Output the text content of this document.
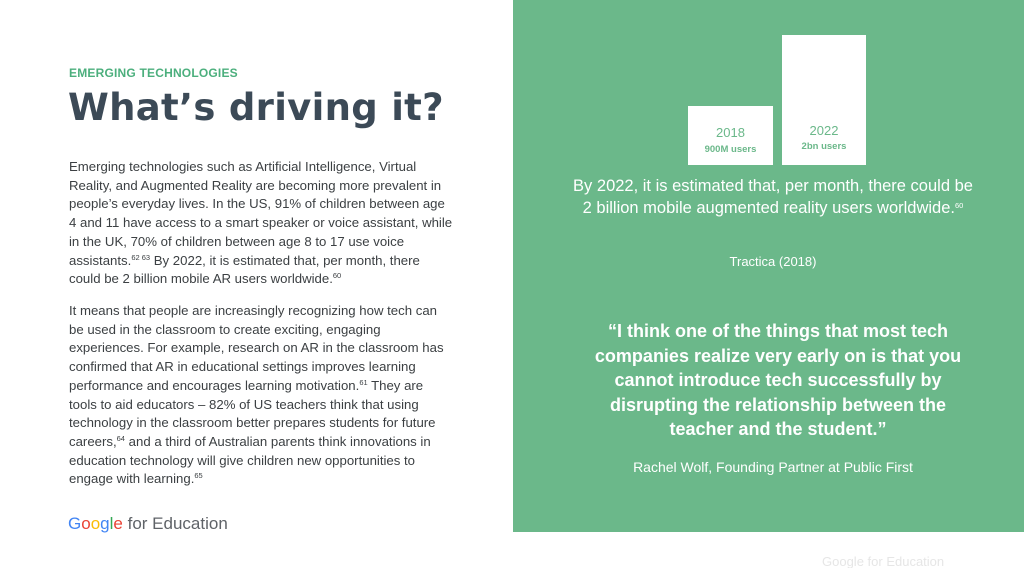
EMERGING TECHNOLOGIES
What’s driving it?

Emerging technologies such as Artificial Intelligence, Virtual Reality, and Augmented Reality are becoming more prevalent in people’s everyday lives. In the US, 91% of children between age 4 and 11 have access to a smart speaker or voice assistant, while in the UK, 70% of children between age 8 to 17 use voice assistants.$^{62 63}$ By 2022, it is estimated that, per month, there could be 2 billion mobile AR users worldwide.$^{60}$

It means that people are increasingly recognizing how tech can be used in the classroom to create exciting, engaging experiences. For example, research on AR in the classroom has confirmed that AR in educational settings improves learning performance and encourages learning motivation.$^{61}$ They are tools to aid educators – 82% of US teachers think that using technology in the classroom better prepares students for future careers,$^{64}$ and a third of Australian parents think innovations in education technology will give children new opportunities to engage with learning.$^{65}$

Google for Education
2018
900M users
2022
2bn users

By 2022, it is estimated that, per month, there could be 2 billion mobile augmented reality users worldwide.$^{60}$

Tractica (2018)

“I think one of the things that most tech companies realize very early on is that you cannot introduce tech successfully by disrupting the relationship between the teacher and the student.”

Rachel Wolf, Founding Partner at Public First

Google for Education
